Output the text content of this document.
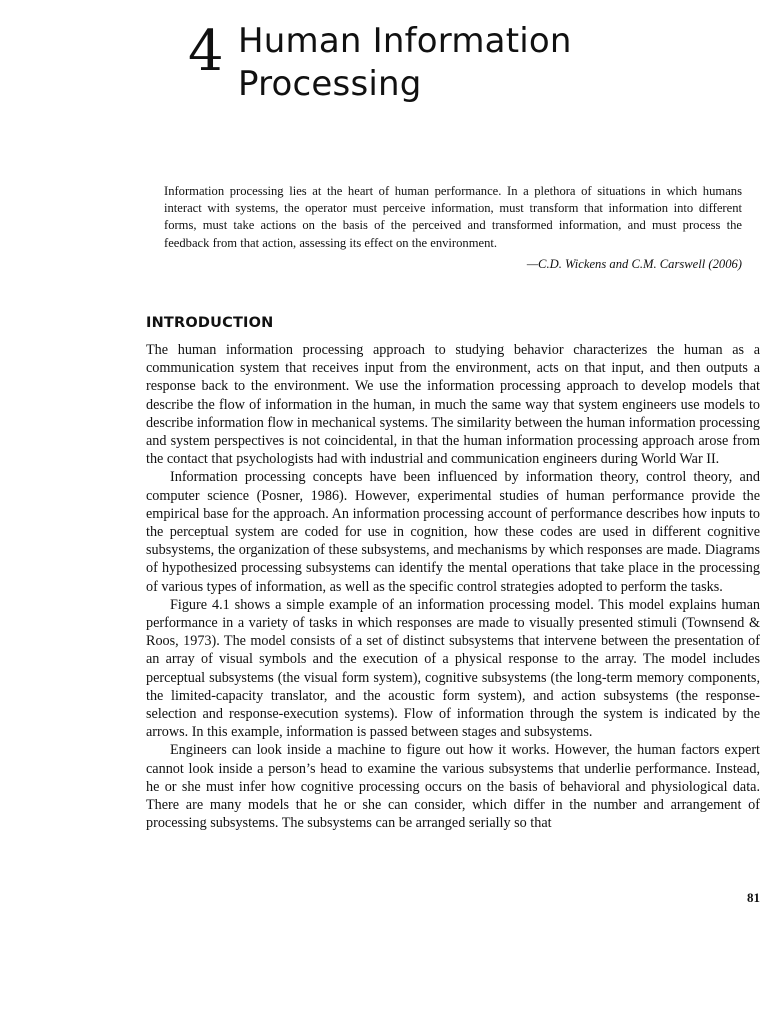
4 Human Information
Processing
Information processing lies at the heart of human performance. In a plethora of situations in which humans interact with systems, the operator must perceive information, must transform that information into different forms, must take actions on the basis of the perceived and transformed information, and must process the feedback from that action, assessing its effect on the environment.
—C.D. Wickens and C.M. Carswell (2006)
INTRODUCTION

The human information processing approach to studying behavior characterizes the human as a communication system that receives input from the environment, acts on that input, and then outputs a response back to the environment. We use the information processing approach to develop models that describe the flow of information in the human, in much the same way that system engineers use models to describe information flow in mechanical systems. The similarity between the human information processing and system perspectives is not coincidental, in that the human information processing approach arose from the contact that psychologists had with industrial and communication engineers during World War II.

Information processing concepts have been influenced by information theory, control theory, and computer science (Posner, 1986). However, experimental studies of human performance provide the empirical base for the approach. An information processing account of performance describes how inputs to the perceptual system are coded for use in cognition, how these codes are used in different cognitive subsystems, the organization of these subsystems, and mechanisms by which responses are made. Diagrams of hypothesized processing subsystems can identify the mental operations that take place in the processing of various types of information, as well as the specific control strategies adopted to perform the tasks.

Figure 4.1 shows a simple example of an information processing model. This model explains human performance in a variety of tasks in which responses are made to visually presented stimuli (Townsend & Roos, 1973). The model consists of a set of distinct subsystems that intervene between the presentation of an array of visual symbols and the execution of a physical response to the array. The model includes perceptual subsystems (the visual form system), cognitive subsystems (the long-term memory components, the limited-capacity translator, and the acoustic form system), and action subsystems (the response-selection and response-execution systems). Flow of information through the system is indicated by the arrows. In this example, information is passed between stages and subsystems.

Engineers can look inside a machine to figure out how it works. However, the human factors expert cannot look inside a person’s head to examine the various subsystems that underlie performance. Instead, he or she must infer how cognitive processing occurs on the basis of behavioral and physiological data. There are many models that he or she can consider, which differ in the number and arrangement of processing subsystems. The subsystems can be arranged serially so that

81
